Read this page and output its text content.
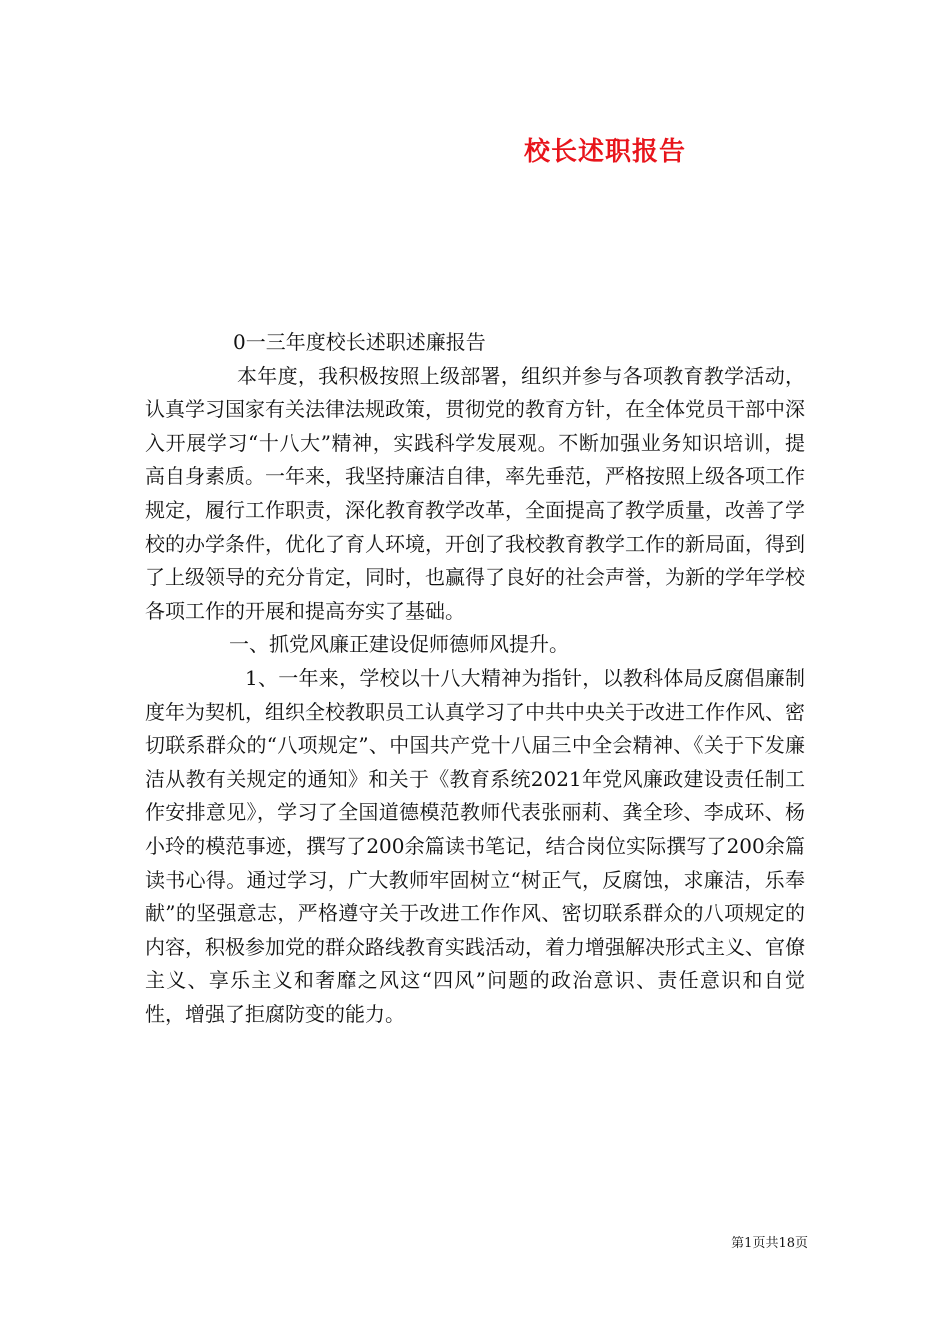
校长述职报告

0一三年度校长述职述廉报告

本年度，我积极按照上级部署，组织并参与各项教育教学活动，认真学习国家有关法律法规政策，贯彻党的教育方针，在全体党员干部中深入开展学习“十八大”精神，实践科学发展观。不断加强业务知识培训，提高自身素质。一年来，我坚持廉洁自律，率先垂范，严格按照上级各项工作规定，履行工作职责，深化教育教学改革，全面提高了教学质量，改善了学校的办学条件，优化了育人环境，开创了我校教育教学工作的新局面，得到了上级领导的充分肯定，同时，也赢得了良好的社会声誉，为新的学年学校各项工作的开展和提高夯实了基础。

一、抓党风廉正建设促师德师风提升。

1、一年来，学校以十八大精神为指针，以教科体局反腐倡廉制度年为契机，组织全校教职员工认真学习了中共中央关于改进工作作风、密切联系群众的“八项规定”、中国共产党十八届三中全会精神、《关于下发廉洁从教有关规定的通知》和关于《教育系统2021年党风廉政建设责任制工作安排意见》，学习了全国道德模范教师代表张丽莉、龚全珍、李成环、杨小玲的模范事迹，撰写了200余篇读书笔记，结合岗位实际撰写了200余篇读书心得。通过学习，广大教师牢固树立“树正气，反腐蚀，求廉洁，乐奉献”的坚强意志，严格遵守关于改进工作作风、密切联系群众的八项规定的内容，积极参加党的群众路线教育实践活动，着力增强解决形式主义、官僚主义、享乐主义和奢靡之风这“四风”问题的政治意识、责任意识和自觉性，增强了拒腐防变的能力。

第1页共18页
